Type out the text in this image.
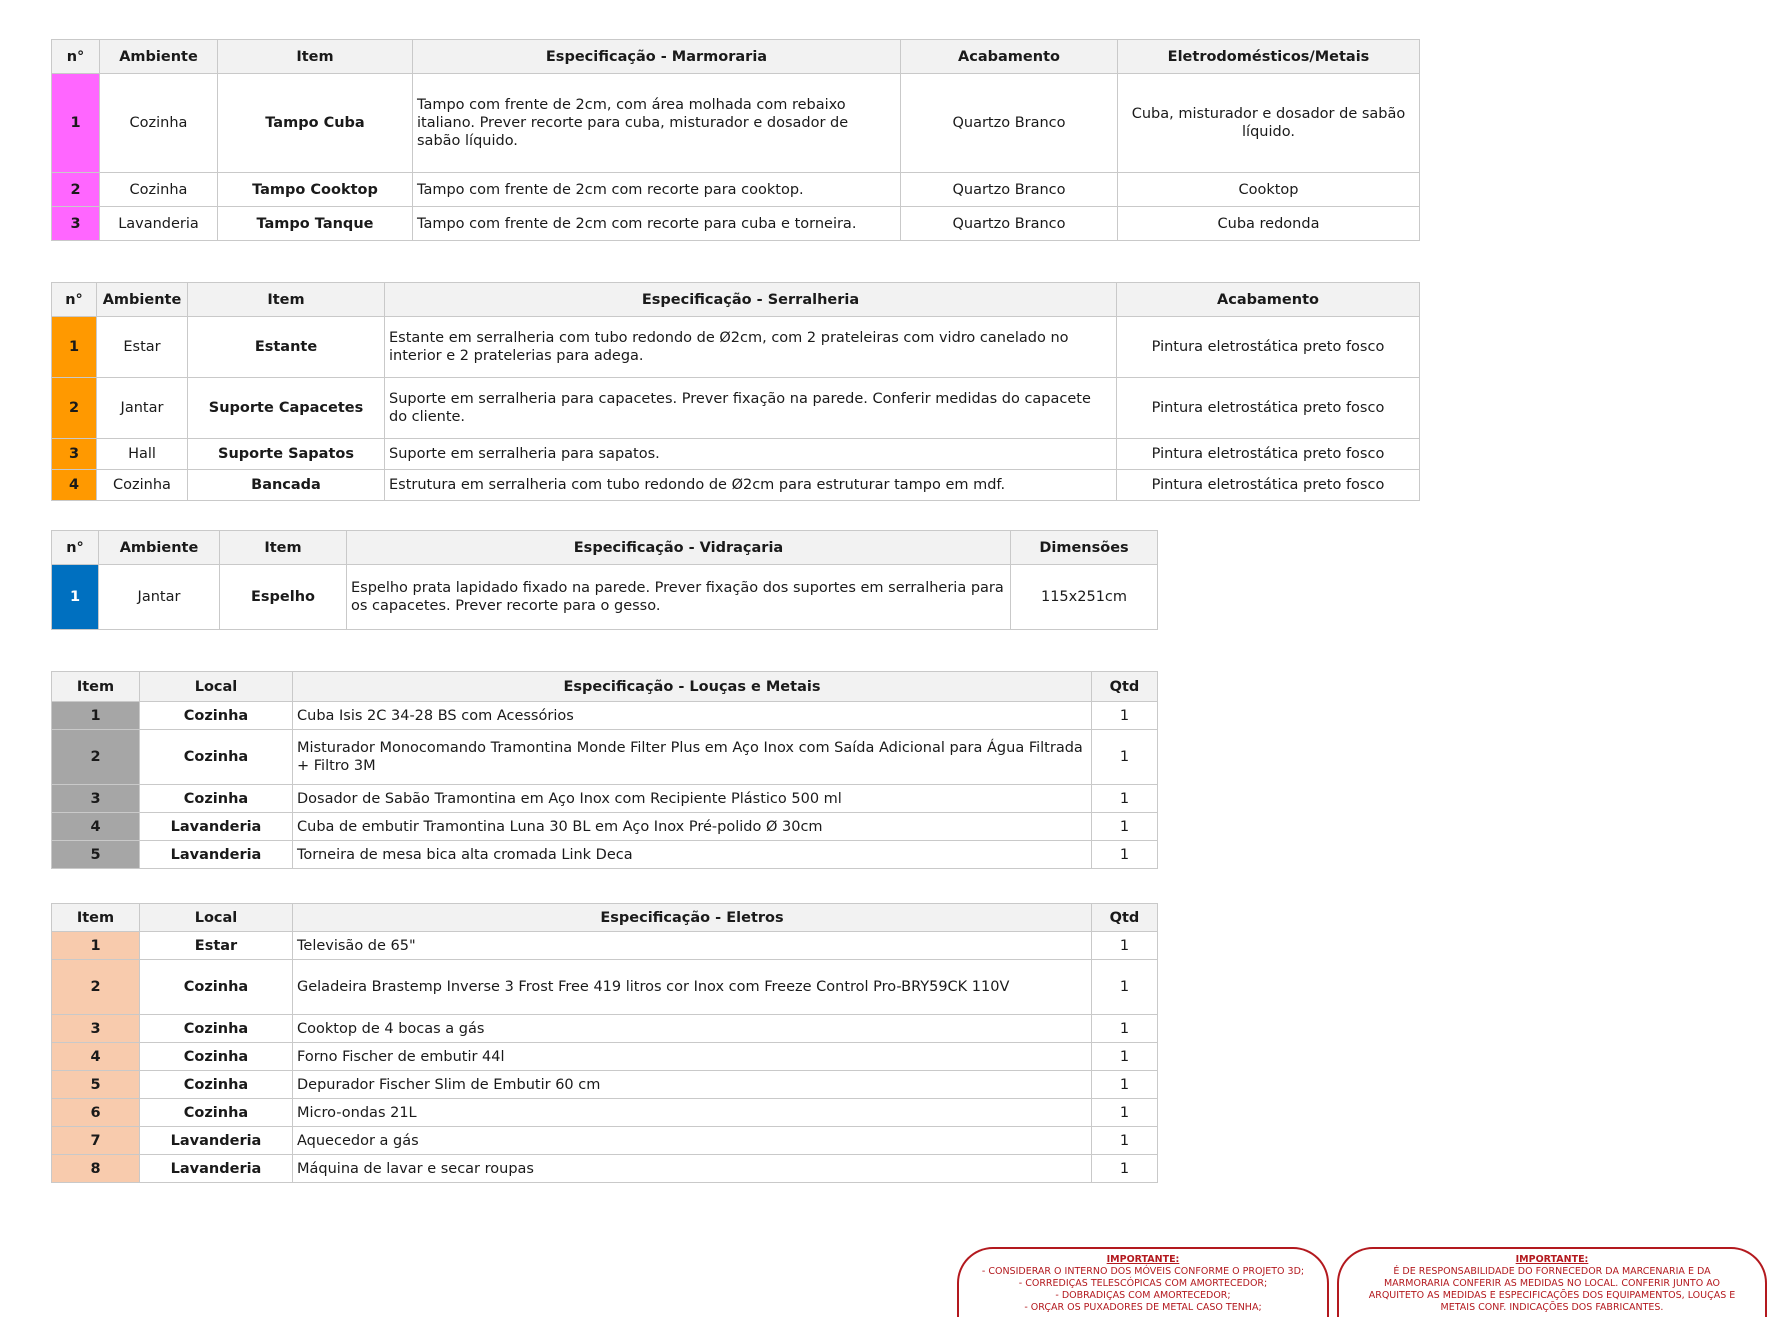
n°	Ambiente	Item	Especificação - Marmoraria	Acabamento	Eletrodomésticos/Metais
1	Cozinha	Tampo Cuba	Tampo com frente de 2cm, com área molhada com rebaixo italiano. Prever recorte para cuba, misturador e dosador de sabão líquido.	Quartzo Branco	Cuba, misturador e dosador de sabão líquido.
2	Cozinha	Tampo Cooktop	Tampo com frente de 2cm com recorte para cooktop.	Quartzo Branco	Cooktop
3	Lavanderia	Tampo Tanque	Tampo com frente de 2cm com recorte para cuba e torneira.	Quartzo Branco	Cuba redonda
n°	Ambiente	Item	Especificação - Serralheria	Acabamento
1	Estar	Estante	Estante em serralheria com tubo redondo de Ø2cm, com 2 prateleiras com vidro canelado no interior e 2 pratelerias para adega.	Pintura eletrostática preto fosco
2	Jantar	Suporte Capacetes	Suporte em serralheria para capacetes. Prever fixação na parede. Conferir medidas do capacete do cliente.	Pintura eletrostática preto fosco
3	Hall	Suporte Sapatos	Suporte em serralheria para sapatos.	Pintura eletrostática preto fosco
4	Cozinha	Bancada	Estrutura em serralheria com tubo redondo de Ø2cm para estruturar tampo em mdf.	Pintura eletrostática preto fosco
n°	Ambiente	Item	Especificação - Vidraçaria	Dimensões
1	Jantar	Espelho	Espelho prata lapidado fixado na parede. Prever fixação dos suportes em serralheria para os capacetes. Prever recorte para o gesso.	115x251cm
Item	Local	Especificação - Louças e Metais	Qtd
1	Cozinha	Cuba Isis 2C 34-28 BS com Acessórios	1
2	Cozinha	Misturador Monocomando Tramontina Monde Filter Plus em Aço Inox com Saída Adicional para Água Filtrada + Filtro 3M	1
3	Cozinha	Dosador de Sabão Tramontina em Aço Inox com Recipiente Plástico 500 ml	1
4	Lavanderia	Cuba de embutir Tramontina Luna 30 BL em Aço Inox Pré-polido Ø 30cm	1
5	Lavanderia	Torneira de mesa bica alta cromada Link Deca	1
Item	Local	Especificação - Eletros	Qtd
1	Estar	Televisão de 65"	1
2	Cozinha	Geladeira Brastemp Inverse 3 Frost Free 419 litros cor Inox com Freeze Control Pro-BRY59CK 110V	1
3	Cozinha	Cooktop de 4 bocas a gás	1
4	Cozinha	Forno Fischer de embutir 44l	1
5	Cozinha	Depurador Fischer Slim de Embutir 60 cm	1
6	Cozinha	Micro-ondas 21L	1
7	Lavanderia	Aquecedor a gás	1
8	Lavanderia	Máquina de lavar e secar roupas	1
IMPORTANTE:
- CONSIDERAR O INTERNO DOS MÓVEIS CONFORME O PROJETO 3D;
- CORREDIÇAS TELESCÓPICAS COM AMORTECEDOR;
- DOBRADIÇAS COM AMORTECEDOR;
- ORÇAR OS PUXADORES DE METAL CASO TENHA;
IMPORTANTE:
É DE RESPONSABILIDADE DO FORNECEDOR DA MARCENARIA E DA
MARMORARIA CONFERIR AS MEDIDAS NO LOCAL. CONFERIR JUNTO AO
ARQUITETO AS MEDIDAS E ESPECIFICAÇÕES DOS EQUIPAMENTOS, LOUÇAS E
METAIS CONF. INDICAÇÕES DOS FABRICANTES.
